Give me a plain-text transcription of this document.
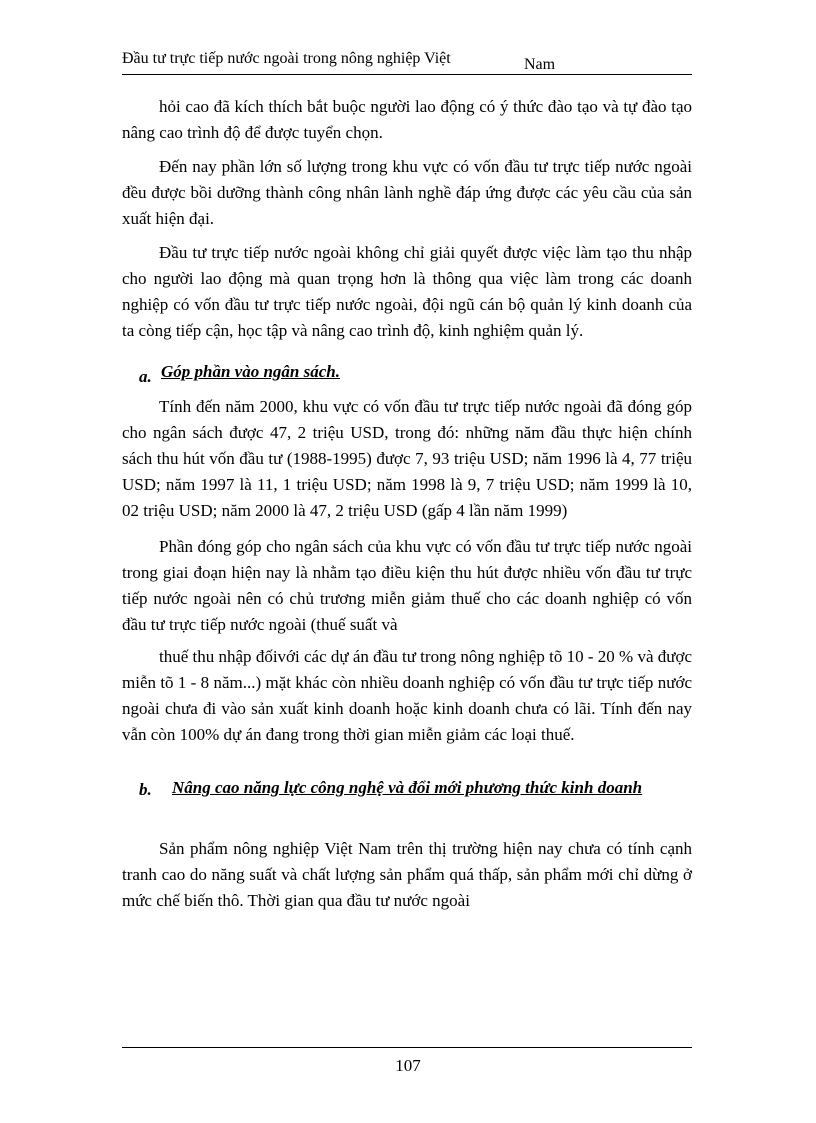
Đầu tư trực tiếp nước ngoài trong nông nghiệp Việt	Nam

hỏi cao đã kích thích bắt buộc người lao động có ý thức đào tạo và tự đào tạo nâng cao trình độ để được tuyển chọn.

Đến nay phần lớn số lượng trong khu vực có vốn đầu tư trực tiếp nước ngoài đều được bồi dưỡng thành công nhân lành nghề đáp ứng được các yêu cầu của sản xuất hiện đại.

Đầu tư trực tiếp nước ngoài không chỉ giải quyết được việc làm tạo thu nhập cho người lao động mà quan trọng hơn là thông qua việc làm trong các doanh nghiệp có vốn đầu tư trực tiếp nước ngoài, đội ngũ cán bộ quản lý kinh doanh của ta còng tiếp cận, học tập và nâng cao trình độ, kinh nghiệm quản lý.

a. Góp phần vào ngân sách.

Tính đến năm 2000, khu vực có vốn đầu tư trực tiếp nước ngoài đã đóng góp cho ngân sách được 47, 2 triệu USD, trong đó: những năm đầu thực hiện chính sách thu hút vốn đầu tư (1988-1995) được 7, 93 triệu USD; năm 1996 là 4, 77 triệu USD; năm 1997 là 11, 1 triệu USD; năm 1998 là 9, 7 triệu USD; năm 1999 là 10, 02 triệu USD; năm 2000 là 47, 2 triệu USD (gấp 4 lần năm 1999)

Phần đóng góp cho ngân sách của khu vực có vốn đầu tư trực tiếp nước ngoài trong giai đoạn hiện nay là nhằm tạo điều kiện thu hút được nhiều vốn đầu tư trực tiếp nước ngoài nên có chủ trương miễn giảm thuế cho các doanh nghiệp có vốn đầu tư trực tiếp nước ngoài (thuế suất và

thuế thu nhập đốivới các dự án đầu tư trong nông nghiệp tõ 10 - 20 % và được miễn tõ 1 - 8 năm...) mặt khác còn nhiều doanh nghiệp có vốn đầu tư trực tiếp nước ngoài chưa đi vào sản xuất kinh doanh hoặc kinh doanh chưa có lãi. Tính đến nay vẫn còn 100% dự án đang trong thời gian miễn giảm các loại thuế.

b. Nâng cao năng lực công nghệ và đổi mới phương thức kinh doanh

Sản phẩm nông nghiệp Việt Nam trên thị trường hiện nay chưa có tính cạnh tranh cao do năng suất và chất lượng sản phẩm quá thấp, sản phẩm mới chỉ dừng ở mức chế biến thô. Thời gian qua đầu tư nước ngoài

107
